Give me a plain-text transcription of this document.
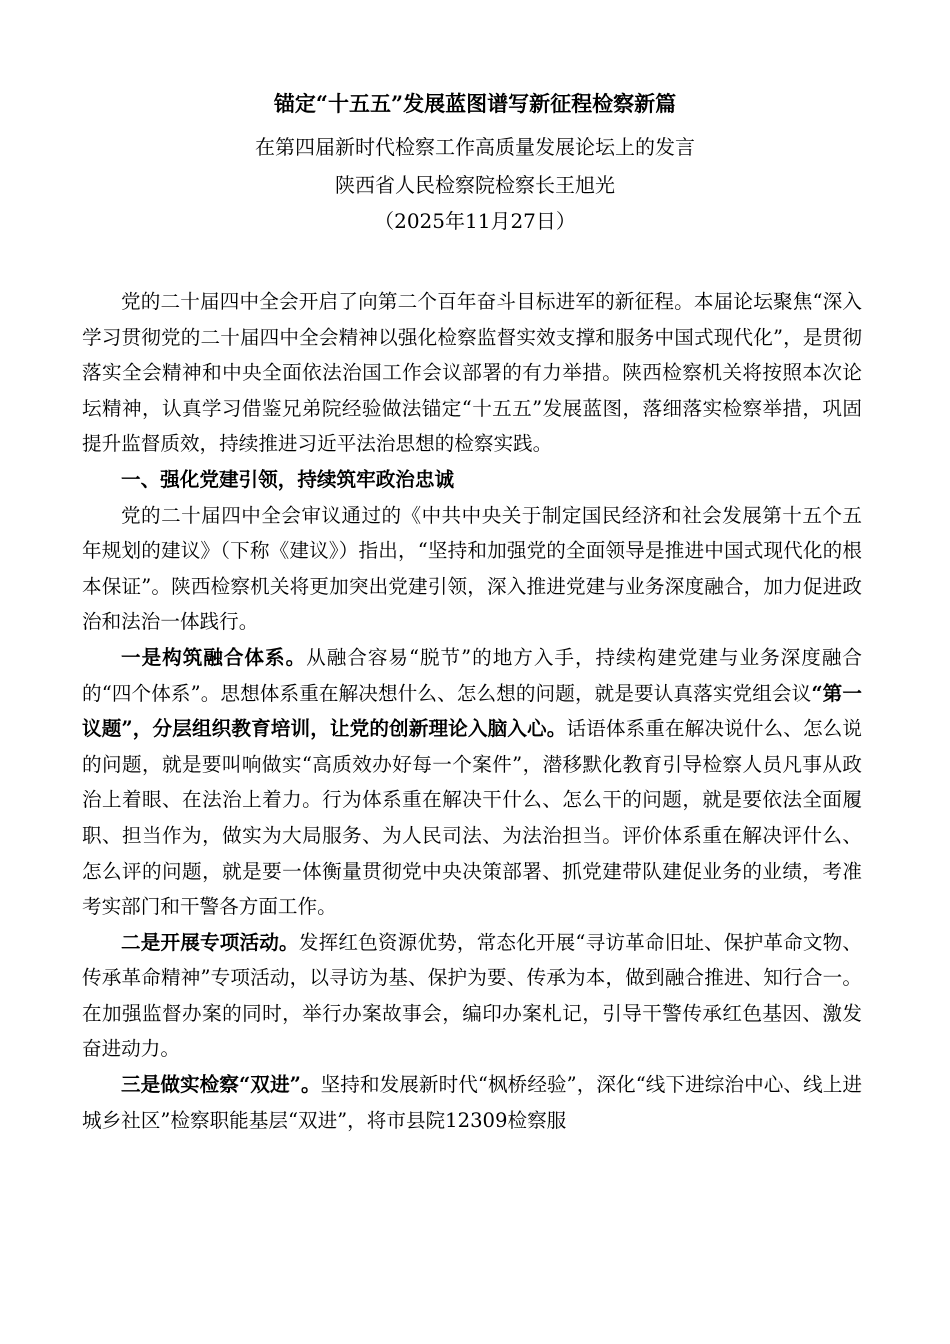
锚定“十五五”发展蓝图谱写新征程检察新篇
在第四届新时代检察工作高质量发展论坛上的发言
陕西省人民检察院检察长王旭光
（2025年11月27日）

党的二十届四中全会开启了向第二个百年奋斗目标进军的新征程。本届论坛聚焦“深入学习贯彻党的二十届四中全会精神以强化检察监督实效支撑和服务中国式现代化”，是贯彻落实全会精神和中央全面依法治国工作会议部署的有力举措。陕西检察机关将按照本次论坛精神，认真学习借鉴兄弟院经验做法锚定“十五五”发展蓝图，落细落实检察举措，巩固提升监督质效，持续推进习近平法治思想的检察实践。

一、强化党建引领，持续筑牢政治忠诚

党的二十届四中全会审议通过的《中共中央关于制定国民经济和社会发展第十五个五年规划的建议》（下称《建议》）指出，“坚持和加强党的全面领导是推进中国式现代化的根本保证”。陕西检察机关将更加突出党建引领，深入推进党建与业务深度融合，加力促进政治和法治一体践行。

一是构筑融合体系。从融合容易“脱节”的地方入手，持续构建党建与业务深度融合的“四个体系”。思想体系重在解决想什么、怎么想的问题，就是要认真落实党组会议“第一议题”，分层组织教育培训，让党的创新理论入脑入心。话语体系重在解决说什么、怎么说的问题，就是要叫响做实“高质效办好每一个案件”，潜移默化教育引导检察人员凡事从政治上着眼、在法治上着力。行为体系重在解决干什么、怎么干的问题，就是要依法全面履职、担当作为，做实为大局服务、为人民司法、为法治担当。评价体系重在解决评什么、怎么评的问题，就是要一体衡量贯彻党中央决策部署、抓党建带队建促业务的业绩，考准考实部门和干警各方面工作。

二是开展专项活动。发挥红色资源优势，常态化开展“寻访革命旧址、保护革命文物、传承革命精神”专项活动，以寻访为基、保护为要、传承为本，做到融合推进、知行合一。在加强监督办案的同时，举行办案故事会，编印办案札记，引导干警传承红色基因、激发奋进动力。

三是做实检察“双进”。坚持和发展新时代“枫桥经验”，深化“线下进综治中心、线上进城乡社区”检察职能基层“双进”，将市县院12309检察服
